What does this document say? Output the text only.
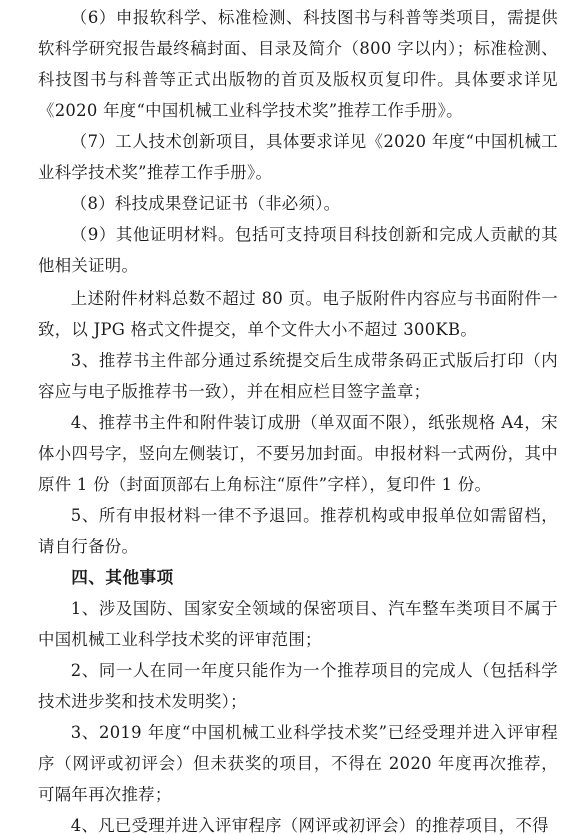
（6）申报软科学、标准检测、科技图书与科普等类项目，需提供软科学研究报告最终稿封面、目录及简介（800 字以内）；标准检测、科技图书与科普等正式出版物的首页及版权页复印件。具体要求详见《2020 年度“中国机械工业科学技术奖”推荐工作手册》。

（7）工人技术创新项目，具体要求详见《2020 年度“中国机械工业科学技术奖”推荐工作手册》。

（8）科技成果登记证书（非必须）。

（9）其他证明材料。包括可支持项目科技创新和完成人贡献的其他相关证明。

上述附件材料总数不超过 80 页。电子版附件内容应与书面附件一致，以 JPG 格式文件提交，单个文件大小不超过 300KB。

3、推荐书主件部分通过系统提交后生成带条码正式版后打印（内容应与电子版推荐书一致），并在相应栏目签字盖章；

4、推荐书主件和附件装订成册（单双面不限），纸张规格 A4，宋体小四号字，竖向左侧装订，不要另加封面。申报材料一式两份，其中原件 1 份（封面顶部右上角标注“原件”字样），复印件 1 份。

5、所有申报材料一律不予退回。推荐机构或申报单位如需留档，请自行备份。

四、其他事项

1、涉及国防、国家安全领域的保密项目、汽车整车类项目不属于中国机械工业科学技术奖的评审范围；

2、同一人在同一年度只能作为一个推荐项目的完成人（包括科学技术进步奖和技术发明奖）；

3、2019 年度“中国机械工业科学技术奖”已经受理并进入评审程序（网评或初评会）但未获奖的项目，不得在 2020 年度再次推荐，可隔年再次推荐；

4、凡已受理并进入评审程序（网评或初评会）的推荐项目，不得
